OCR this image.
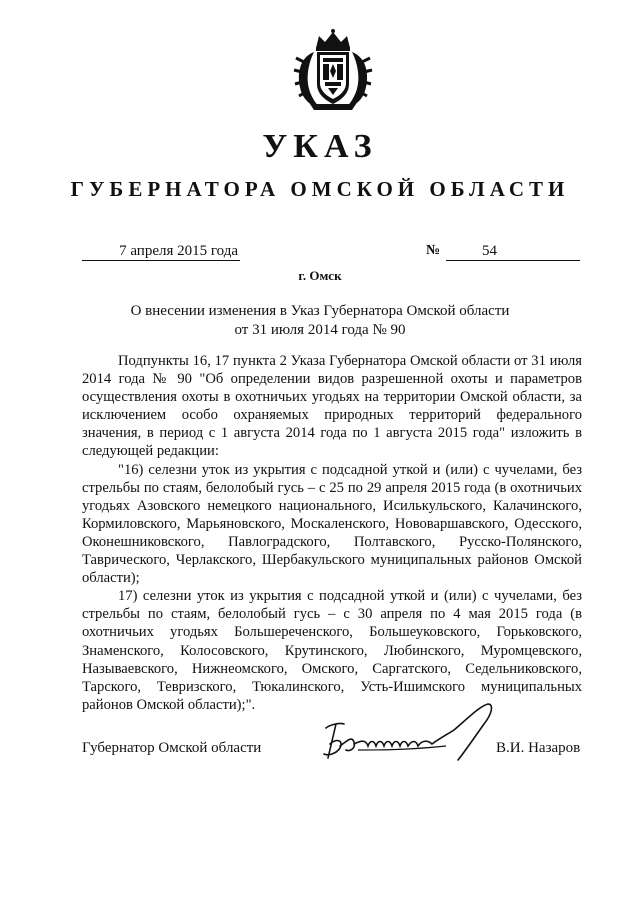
УКАЗ
ГУБЕРНАТОРА ОМСКОЙ ОБЛАСТИ
7 апреля 2015 года	№	54
г. Омск
О внесении изменения в Указ Губернатора Омской области
от 31 июля 2014 года № 90

Подпункты 16, 17 пункта 2 Указа Губернатора Омской области от 31 июля 2014 года № 90 "Об определении видов разрешенной охоты и параметров осуществления охоты в охотничьих угодьях на территории Омской области, за исключением особо охраняемых природных территорий федерального значения, в период с 1 августа 2014 года по 1 августа 2015 года" изложить в следующей редакции:

"16) селезни уток из укрытия с подсадной уткой и (или) с чучелами, без стрельбы по стаям, белолобый гусь – с 25 по 29 апреля 2015 года (в охотничьих угодьях Азовского немецкого национального, Исилькульского, Калачинского, Кормиловского, Марьяновского, Москаленского, Нововаршавского, Одесского, Оконешниковского, Павлоградского, Полтавского, Русско-Полянского, Таврического, Черлакского, Шербакульского муниципальных районов Омской области);

17) селезни уток из укрытия с подсадной уткой и (или) с чучелами, без стрельбы по стаям, белолобый гусь – с 30 апреля по 4 мая 2015 года (в охотничьих угодьях Большереченского, Большеуковского, Горьковского, Знаменского, Колосовского, Крутинского, Любинского, Муромцевского, Называевского, Нижнеомского, Омского, Саргатского, Седельниковского, Тарского, Тевризского, Тюкалинского, Усть-Ишимского муниципальных районов Омской области);".

Губернатор Омской области	В.И. Назаров
